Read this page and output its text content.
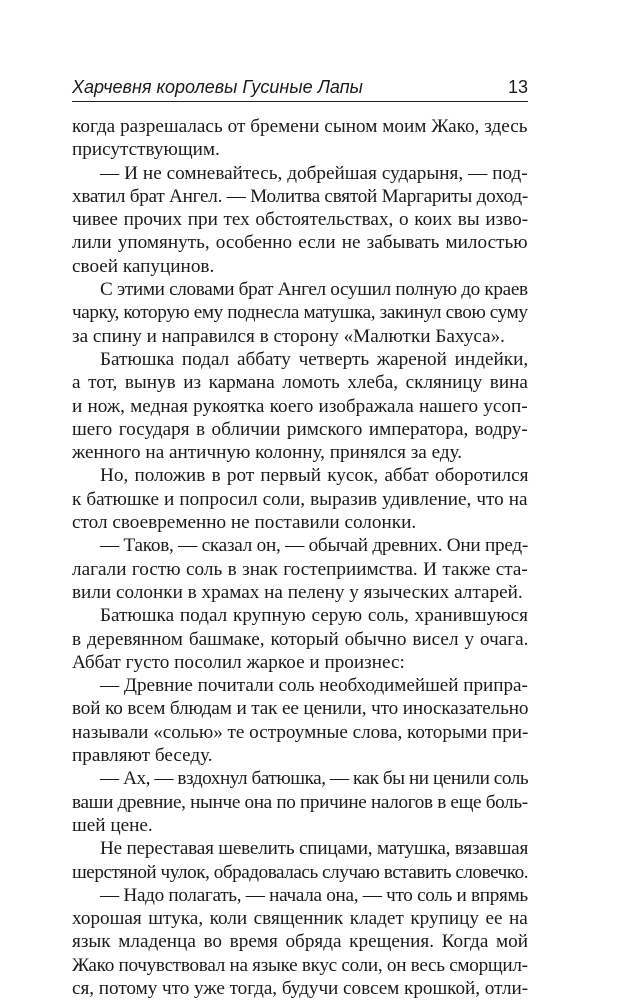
Харчевня королевы Гусиные Лапы	13
когда разрешалась от бремени сыном моим Жако, здесь
присутствующим.
— И не сомневайтесь, добрейшая сударыня, — под-
хватил брат Ангел. — Молитва святой Маргариты доход-
чивее прочих при тех обстоятельствах, о коих вы изво-
лили упомянуть, особенно если не забывать милостью
своей капуцинов.
С этими словами брат Ангел осушил полную до краев
чарку, которую ему поднесла матушка, закинул свою суму
за спину и направился в сторону «Малютки Бахуса».
Батюшка подал аббату четверть жареной индейки,
а тот, вынув из кармана ломоть хлеба, скляницу вина
и нож, медная рукоятка коего изображала нашего усоп-
шего государя в обличии римского императора, водру-
женного на античную колонну, принялся за еду.
Но, положив в рот первый кусок, аббат оборотился
к батюшке и попросил соли, выразив удивление, что на
стол своевременно не поставили солонки.
— Таков, — сказал он, — обычай древних. Они пред-
лагали гостю соль в знак гостеприимства. И также ста-
вили солонки в храмах на пелену у языческих алтарей.
Батюшка подал крупную серую соль, хранившуюся
в деревянном башмаке, который обычно висел у очага.
Аббат густо посолил жаркое и произнес:
— Древние почитали соль необходимейшей припра-
вой ко всем блюдам и так ее ценили, что иносказательно
называли «солью» те остроумные слова, которыми при-
правляют беседу.
— Ах, — вздохнул батюшка, — как бы ни ценили соль
ваши древние, нынче она по причине налогов в еще боль-
шей цене.
Не переставая шевелить спицами, матушка, вязавшая
шерстяной чулок, обрадовалась случаю вставить словечко.
— Надо полагать, — начала она, — что соль и впрямь
хорошая штука, коли священник кладет крупицу ее на
язык младенца во время обряда крещения. Когда мой
Жако почувствовал на языке вкус соли, он весь сморщил-
ся, потому что уже тогда, будучи совсем крошкой, отли-
